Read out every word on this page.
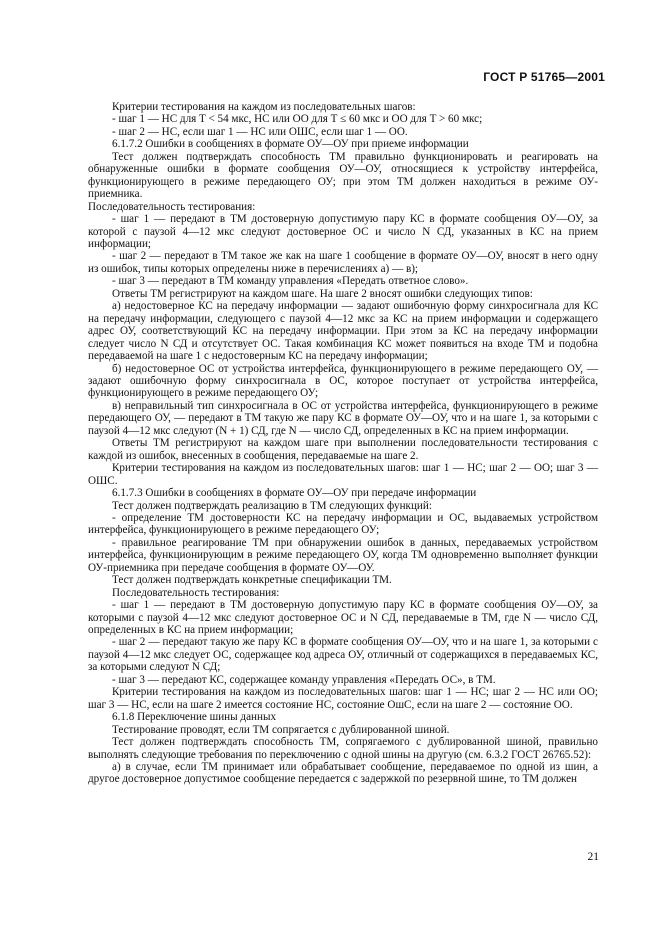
ГОСТ Р 51765—2001

Критерии тестирования на каждом из последовательных шагов:

- шаг 1 — НС для T < 54 мкс, НС или ОО для T ≤ 60 мкс и ОО для T > 60 мкс;

- шаг 2 — НС, если шаг 1 — НС или ОШС, если шаг 1 — ОО.

6.1.7.2 Ошибки в сообщениях в формате ОУ—ОУ при приеме информации

Тест должен подтверждать способность ТМ правильно функционировать и реагировать на обнаруженные ошибки в формате сообщения ОУ—ОУ, относящиеся к устройству интерфейса, функционирующего в режиме передающего ОУ; при этом ТМ должен находиться в режиме ОУ-приемника.

Последовательность тестирования:

- шаг 1 — передают в ТМ достоверную допустимую пару КС в формате сообщения ОУ—ОУ, за которой с паузой 4—12 мкс следуют достоверное ОС и число N СД, указанных в КС на прием информации;

- шаг 2 — передают в ТМ такое же как на шаге 1 сообщение в формате ОУ—ОУ, вносят в него одну из ошибок, типы которых определены ниже в перечислениях а) — в);

- шаг 3 — передают в ТМ команду управления «Передать ответное слово».

Ответы ТМ регистрируют на каждом шаге. На шаге 2 вносят ошибки следующих типов:

а) недостоверное КС на передачу информации — задают ошибочную форму синхросигнала для КС на передачу информации, следующего с паузой 4—12 мкс за КС на прием информации и содержащего адрес ОУ, соответствующий КС на передачу информации. При этом за КС на передачу информации следует число N СД и отсутствует ОС. Такая комбинация КС может появиться на входе ТМ и подобна передаваемой на шаге 1 с недостоверным КС на передачу информации;

б) недостоверное ОС от устройства интерфейса, функционирующего в режиме передающего ОУ, — задают ошибочную форму синхросигнала в ОС, которое поступает от устройства интерфейса, функционирующего в режиме передающего ОУ;

в) неправильный тип синхросигнала в ОС от устройства интерфейса, функционирующего в режиме передающего ОУ, — передают в ТМ такую же пару КС в формате ОУ—ОУ, что и на шаге 1, за которыми с паузой 4—12 мкс следуют (N + 1) СД, где N — число СД, определенных в КС на прием информации.

Ответы ТМ регистрируют на каждом шаге при выполнении последовательности тестирования с каждой из ошибок, внесенных в сообщения, передаваемые на шаге 2.

Критерии тестирования на каждом из последовательных шагов: шаг 1 — НС; шаг 2 — ОО; шаг 3 — ОШС.

6.1.7.3 Ошибки в сообщениях в формате ОУ—ОУ при передаче информации

Тест должен подтверждать реализацию в ТМ следующих функций:

- определение ТМ достоверности КС на передачу информации и ОС, выдаваемых устройством интерфейса, функционирующего в режиме передающего ОУ;

- правильное реагирование ТМ при обнаружении ошибок в данных, передаваемых устройством интерфейса, функционирующим в режиме передающего ОУ, когда ТМ одновременно выполняет функции ОУ-приемника при передаче сообщения в формате ОУ—ОУ.

Тест должен подтверждать конкретные спецификации ТМ.

Последовательность тестирования:

- шаг 1 — передают в ТМ достоверную допустимую пару КС в формате сообщения ОУ—ОУ, за которыми с паузой 4—12 мкс следуют достоверное ОС и N СД, передаваемые в ТМ, где N — число СД, определенных в КС на прием информации;

- шаг 2 — передают такую же пару КС в формате сообщения ОУ—ОУ, что и на шаге 1, за которыми с паузой 4—12 мкс следует ОС, содержащее код адреса ОУ, отличный от содержащихся в передаваемых КС, за которыми следуют N СД;

- шаг 3 — передают КС, содержащее команду управления «Передать ОС», в ТМ.

Критерии тестирования на каждом из последовательных шагов: шаг 1 — НС; шаг 2 — НС или ОО; шаг 3 — НС, если на шаге 2 имеется состояние НС, состояние ОшС, если на шаге 2 — состояние ОО.

6.1.8 Переключение шины данных

Тестирование проводят, если ТМ сопрягается с дублированной шиной.

Тест должен подтверждать способность ТМ, сопрягаемого с дублированной шиной, правильно выполнять следующие требования по переключению с одной шины на другую (см. 6.3.2 ГОСТ 26765.52):

а) в случае, если ТМ принимает или обрабатывает сообщение, передаваемое по одной из шин, а другое достоверное допустимое сообщение передается с задержкой по резервной шине, то ТМ должен

21
